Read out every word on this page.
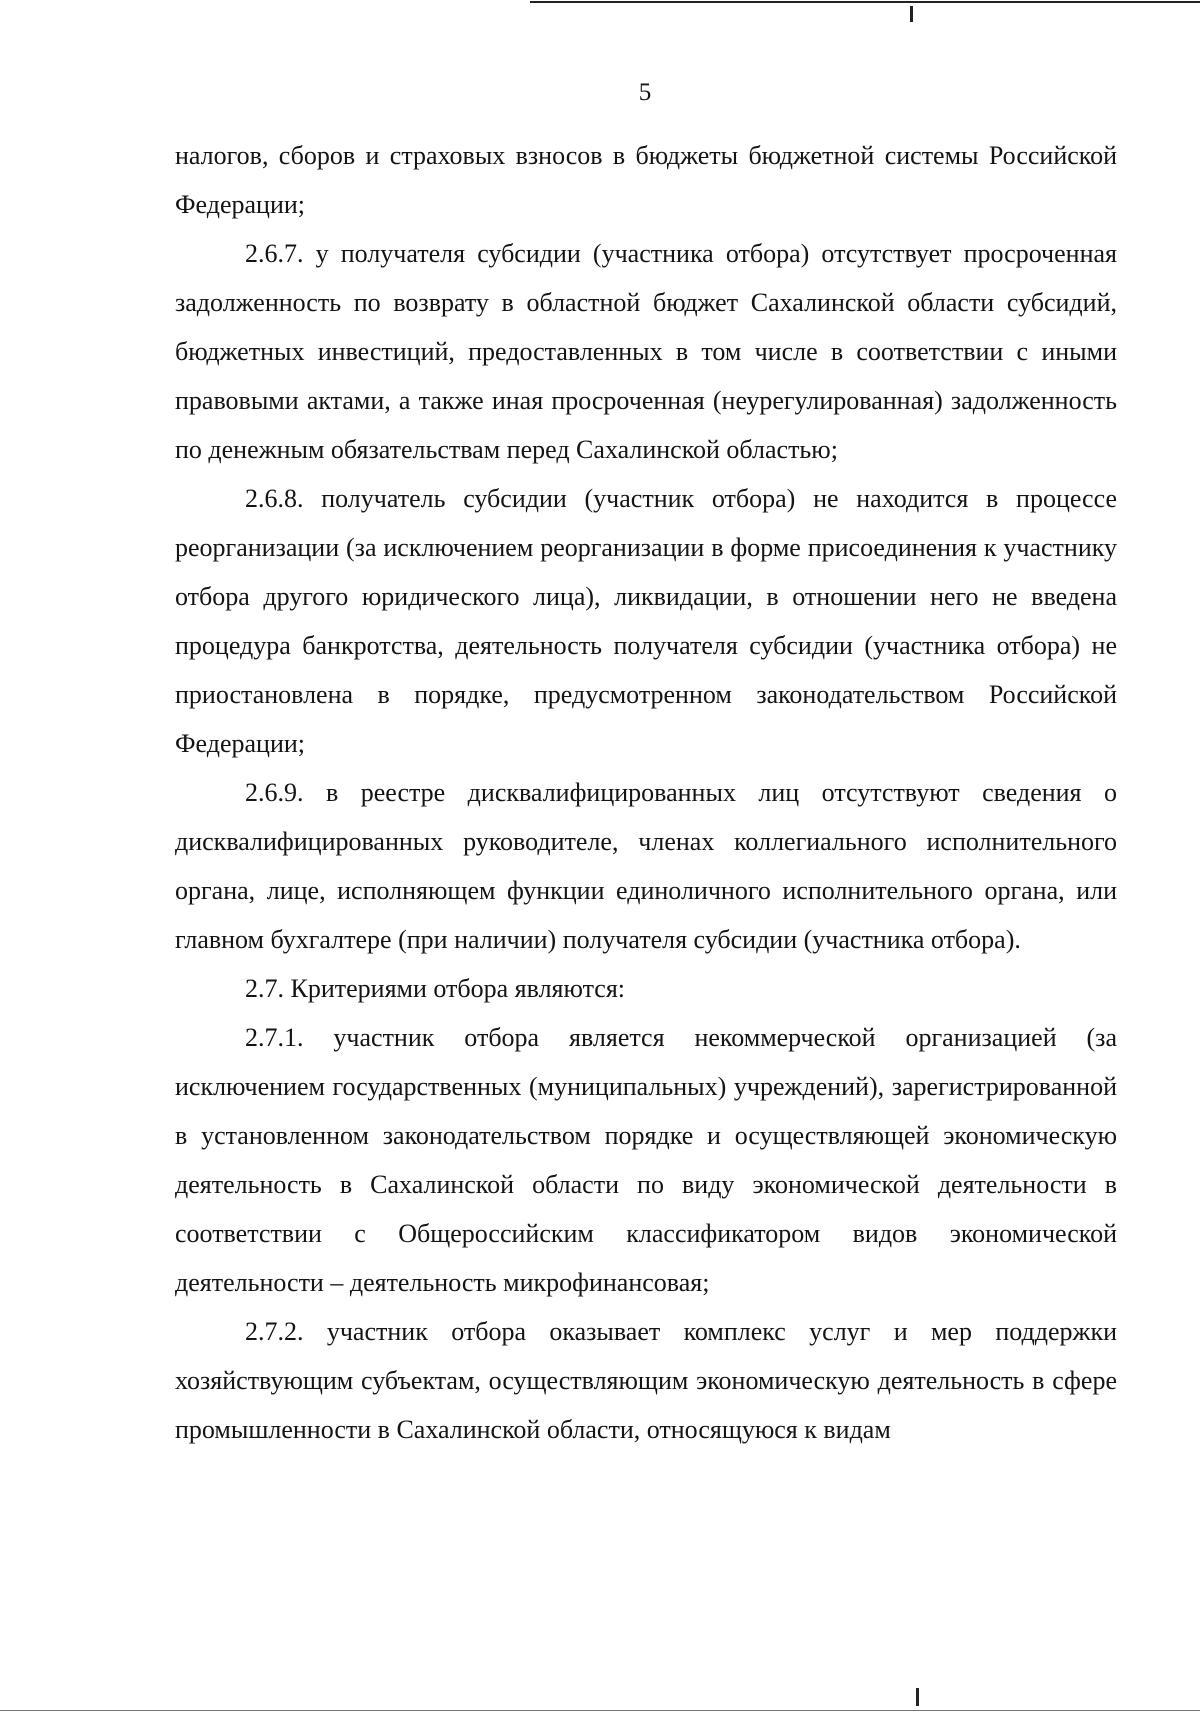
5

налогов, сборов и страховых взносов в бюджеты бюджетной системы Российской Федерации;

2.6.7. у получателя субсидии (участника отбора) отсутствует просроченная задолженность по возврату в областной бюджет Сахалинской области субсидий, бюджетных инвестиций, предоставленных в том числе в соответствии с иными правовыми актами, а также иная просроченная (неурегулированная) задолженность по денежным обязательствам перед Сахалинской областью;

2.6.8. получатель субсидии (участник отбора) не находится в процессе реорганизации (за исключением реорганизации в форме присоединения к участнику отбора другого юридического лица), ликвидации, в отношении него не введена процедура банкротства, деятельность получателя субсидии (участника отбора) не приостановлена в порядке, предусмотренном законодательством Российской Федерации;

2.6.9. в реестре дисквалифицированных лиц отсутствуют сведения о дисквалифицированных руководителе, членах коллегиального исполнительного органа, лице, исполняющем функции единоличного исполнительного органа, или главном бухгалтере (при наличии) получателя субсидии (участника отбора).

2.7. Критериями отбора являются:

2.7.1. участник отбора является некоммерческой организацией (за исключением государственных (муниципальных) учреждений), зарегистрированной в установленном законодательством порядке и осуществляющей экономическую деятельность в Сахалинской области по виду экономической деятельности в соответствии с Общероссийским классификатором видов экономической деятельности – деятельность микрофинансовая;

2.7.2. участник отбора оказывает комплекс услуг и мер поддержки хозяйствующим субъектам, осуществляющим экономическую деятельность в сфере промышленности в Сахалинской области, относящуюся к видам
